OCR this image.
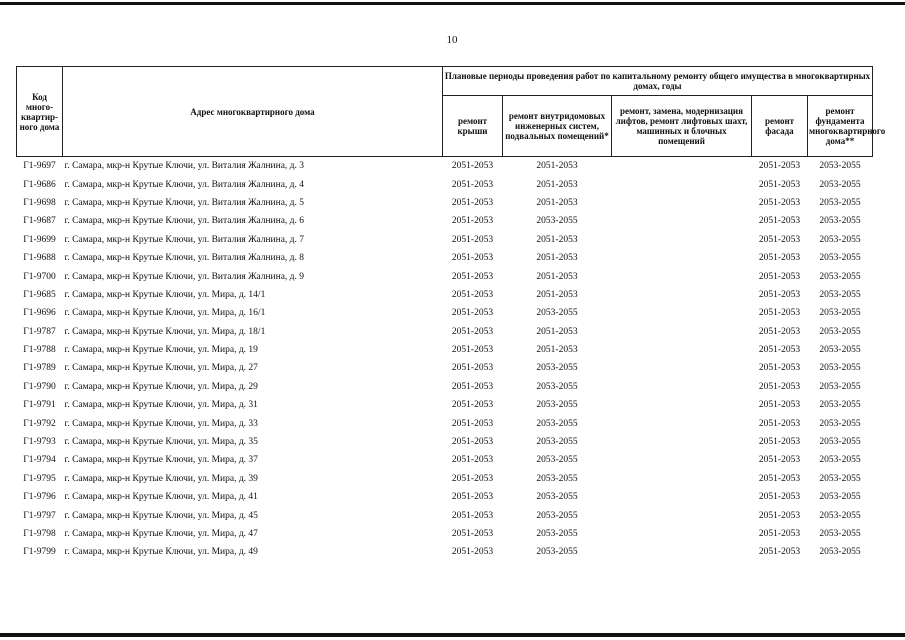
10
Код много-квартир-ного дома	Адрес многоквартирного дома	Плановые периоды проведения работ по капитальному ремонту общего имущества в многоквартирных домах, годы				
		ремонт крыши	ремонт внутридомовых инженерных систем, подвальных помещений*	ремонт, замена, модернизация лифтов, ремонт лифтовых шахт, машинных и блочных помещений	ремонт фасада	ремонт фундамента многоквартирного дома**
Г1-9697	г. Самара, мкр-н Крутые Ключи, ул. Виталия Жалнина, д. 3	2051-2053	2051-2053		2051-2053	2053-2055
Г1-9686	г. Самара, мкр-н Крутые Ключи, ул. Виталия Жалнина, д. 4	2051-2053	2051-2053		2051-2053	2053-2055
Г1-9698	г. Самара, мкр-н Крутые Ключи, ул. Виталия Жалнина, д. 5	2051-2053	2051-2053		2051-2053	2053-2055
Г1-9687	г. Самара, мкр-н Крутые Ключи, ул. Виталия Жалнина, д. 6	2051-2053	2053-2055		2051-2053	2053-2055
Г1-9699	г. Самара, мкр-н Крутые Ключи, ул. Виталия Жалнина, д. 7	2051-2053	2051-2053		2051-2053	2053-2055
Г1-9688	г. Самара, мкр-н Крутые Ключи, ул. Виталия Жалнина, д. 8	2051-2053	2051-2053		2051-2053	2053-2055
Г1-9700	г. Самара, мкр-н Крутые Ключи, ул. Виталия Жалнина, д. 9	2051-2053	2051-2053		2051-2053	2053-2055
Г1-9685	г. Самара, мкр-н Крутые Ключи, ул. Мира, д. 14/1	2051-2053	2051-2053		2051-2053	2053-2055
Г1-9696	г. Самара, мкр-н Крутые Ключи, ул. Мира, д. 16/1	2051-2053	2053-2055		2051-2053	2053-2055
Г1-9787	г. Самара, мкр-н Крутые Ключи, ул. Мира, д. 18/1	2051-2053	2051-2053		2051-2053	2053-2055
Г1-9788	г. Самара, мкр-н Крутые Ключи, ул. Мира, д. 19	2051-2053	2051-2053		2051-2053	2053-2055
Г1-9789	г. Самара, мкр-н Крутые Ключи, ул. Мира, д. 27	2051-2053	2053-2055		2051-2053	2053-2055
Г1-9790	г. Самара, мкр-н Крутые Ключи, ул. Мира, д. 29	2051-2053	2053-2055		2051-2053	2053-2055
Г1-9791	г. Самара, мкр-н Крутые Ключи, ул. Мира, д. 31	2051-2053	2053-2055		2051-2053	2053-2055
Г1-9792	г. Самара, мкр-н Крутые Ключи, ул. Мира, д. 33	2051-2053	2053-2055		2051-2053	2053-2055
Г1-9793	г. Самара, мкр-н Крутые Ключи, ул. Мира, д. 35	2051-2053	2053-2055		2051-2053	2053-2055
Г1-9794	г. Самара, мкр-н Крутые Ключи, ул. Мира, д. 37	2051-2053	2053-2055		2051-2053	2053-2055
Г1-9795	г. Самара, мкр-н Крутые Ключи, ул. Мира, д. 39	2051-2053	2053-2055		2051-2053	2053-2055
Г1-9796	г. Самара, мкр-н Крутые Ключи, ул. Мира, д. 41	2051-2053	2053-2055		2051-2053	2053-2055
Г1-9797	г. Самара, мкр-н Крутые Ключи, ул. Мира, д. 45	2051-2053	2053-2055		2051-2053	2053-2055
Г1-9798	г. Самара, мкр-н Крутые Ключи, ул. Мира, д. 47	2051-2053	2053-2055		2051-2053	2053-2055
Г1-9799	г. Самара, мкр-н Крутые Ключи, ул. Мира, д. 49	2051-2053	2053-2055		2051-2053	2053-2055
